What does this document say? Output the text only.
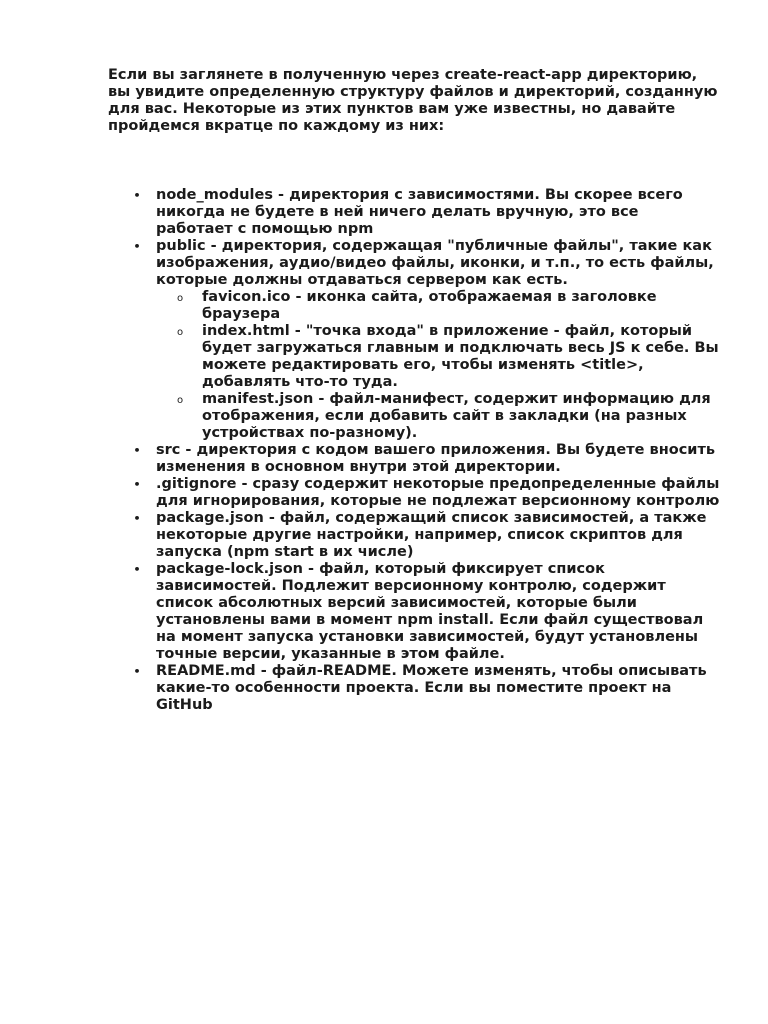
Если вы заглянете в полученную через create-react-app директорию, вы увидите определенную структуру файлов и директорий, созданную для вас. Некоторые из этих пунктов вам уже известны, но давайте пройдемся вкратце по каждому из них:

• node_modules - директория с зависимостями. Вы скорее всего никогда не будете в ней ничего делать вручную, это все работает с помощью npm
• public - директория, содержащая "публичные файлы", такие как изображения, аудио/видео файлы, иконки, и т.п., то есть файлы, которые должны отдаваться сервером как есть.
o favicon.ico - иконка сайта, отображаемая в заголовке браузера
o index.html - "точка входа" в приложение - файл, который будет загружаться главным и подключать весь JS к себе. Вы можете редактировать его, чтобы изменять <title>, добавлять что-то туда.
o manifest.json - файл-манифест, содержит информацию для отображения, если добавить сайт в закладки (на разных устройствах по-разному).
• src - директория с кодом вашего приложения. Вы будете вносить изменения в основном внутри этой директории.
• .gitignore - сразу содержит некоторые предопределенные файлы для игнорирования, которые не подлежат версионному контролю
• package.json - файл, содержащий список зависимостей, а также некоторые другие настройки, например, список скриптов для запуска (npm start в их числе)
• package-lock.json - файл, который фиксирует список зависимостей. Подлежит версионному контролю, содержит список абсолютных версий зависимостей, которые были установлены вами в момент npm install. Если файл существовал на момент запуска установки зависимостей, будут установлены точные версии, указанные в этом файле.
• README.md - файл-README. Можете изменять, чтобы описывать какие-то особенности проекта. Если вы поместите проект на GitHub
